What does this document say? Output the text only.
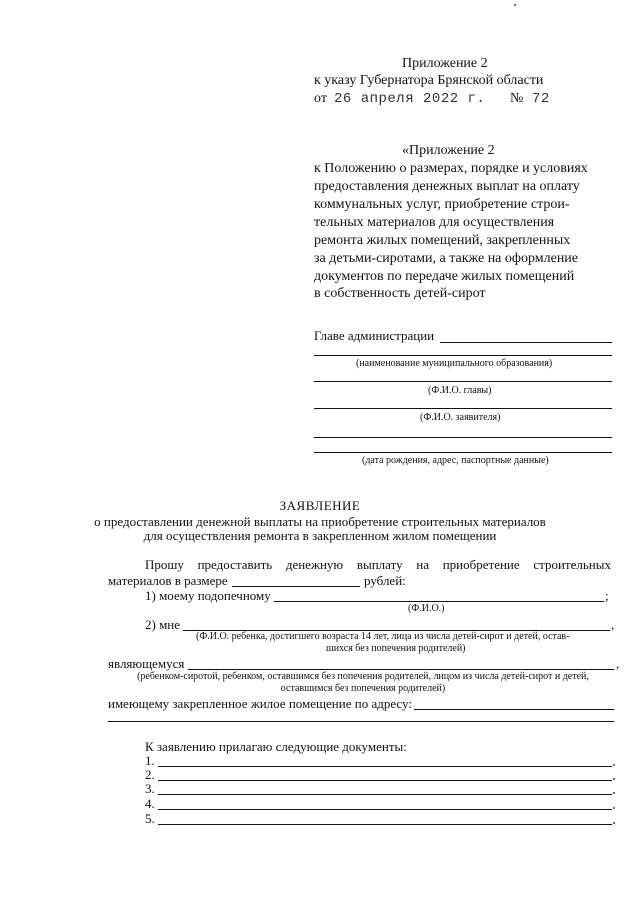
Приложение 2
к указу Губернатора Брянской области
от 26 апреля 2022 г. № 72
«Приложение 2
к Положению о размерах, порядке и условиях
предоставления денежных выплат на оплату
коммунальных услуг, приобретение строи-
тельных материалов для осуществления
ремонта жилых помещений, закрепленных
за детьми-сиротами, а также на оформление
документов по передаче жилых помещений
в собственность детей-сирот
Главе администрации
(наименование муниципального образования)
(Ф.И.О. главы)
(Ф.И.О. заявителя)
(дата рождения, адрес, паспортные данные)
ЗАЯВЛЕНИЕ
о предоставлении денежной выплаты на приобретение строительных материалов
для осуществления ремонта в закрепленном жилом помещении
Прошу предоставить денежную выплату на приобретение строительных
материалов в размере	рублей:
1) моему подопечному	;
(Ф.И.О.)
2) мне	,
(Ф.И.О. ребенка, достигшего возраста 14 лет, лица из числа детей-сирот и детей, остав-
шихся без попечения родителей)
являющемуся	,
(ребенком-сиротой, ребенком, оставшимся без попечения родителей, лицом из числа детей-сирот и детей,
оставшимся без попечения родителей)
имеющему закрепленное жилое помещение по адресу:
К заявлению прилагаю следующие документы:
1.
2.
3.
4.
5.
